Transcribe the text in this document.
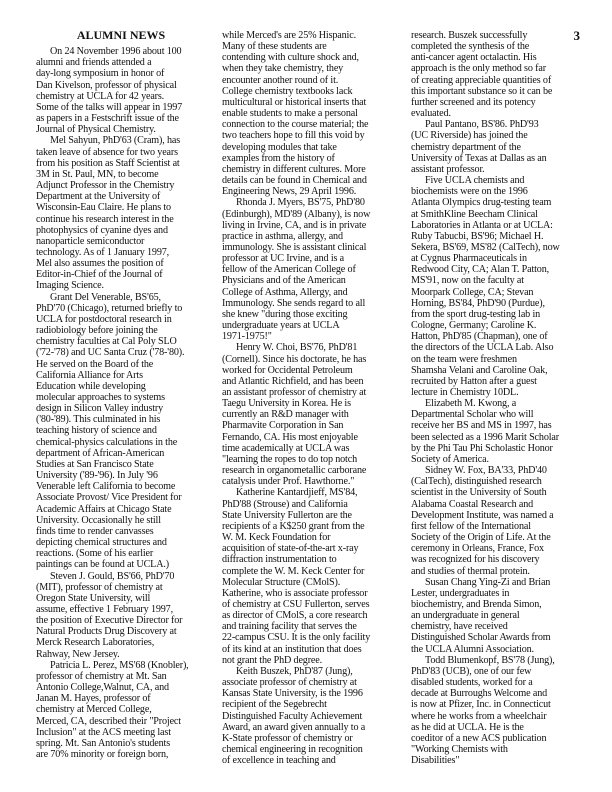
3
ALUMNI NEWS

On 24 November 1996 about 100
alumni and friends attended a
day-long symposium in honor of
Dan Kivelson, professor of physical
chemistry at UCLA for 42 years.
Some of the talks will appear in 1997
as papers in a Festschrift issue of the
Journal of Physical Chemistry.

Mel Sahyun, PhD'63 (Cram), has
taken leave of absence for two years
from his position as Staff Scientist at
3M in St. Paul, MN, to become
Adjunct Professor in the Chemistry
Department at the University of
Wisconsin-Eau Claire. He plans to
continue his research interest in the
photophysics of cyanine dyes and
nanoparticle semiconductor
technology. As of 1 January 1997,
Mel also assumes the position of
Editor-in-Chief of the Journal of
Imaging Science.

Grant Del Venerable, BS'65,
PhD'70 (Chicago), returned briefly to
UCLA for postdoctoral research in
radiobiology before joining the
chemistry faculties at Cal Poly SLO
('72-'78) and UC Santa Cruz ('78-'80).
He served on the Board of the
California Alliance for Arts
Education while developing
molecular approaches to systems
design in Silicon Valley industry
('80-'89). This culminated in his
teaching history of science and
chemical-physics calculations in the
department of African-American
Studies at San Francisco State
University ('89-'96). In July '96
Venerable left California to become
Associate Provost/ Vice President for
Academic Affairs at Chicago State
University. Occasionally he still
finds time to render canvasses
depicting chemical structures and
reactions. (Some of his earlier
paintings can be found at UCLA.)

Steven J. Gould, BS'66, PhD'70
(MIT), professor of chemistry at
Oregon State University, will
assume, effective 1 February 1997,
the position of Executive Director for
Natural Products Drug Discovery at
Merck Research Laboratories,
Rahway, New Jersey.

Patricia L. Perez, MS'68 (Knobler),
professor of chemistry at Mt. San
Antonio College,Walnut, CA, and
Janan M. Hayes, professor of
chemistry at Merced College,
Merced, CA, described their "Project
Inclusion" at the ACS meeting last
spring. Mt. San Antonio's students
are 70% minority or foreign born,

while Merced's are 25% Hispanic.
Many of these students are
contending with culture shock and,
when they take chemistry, they
encounter another round of it.
College chemistry textbooks lack
multicultural or historical inserts that
enable students to make a personal
connection to the course material; the
two teachers hope to fill this void by
developing modules that take
examples from the history of
chemistry in different cultures. More
details can be found in Chemical and
Engineering News, 29 April 1996.

Rhonda J. Myers, BS'75, PhD'80
(Edinburgh), MD'89 (Albany), is now
living in Irvine, CA, and is in private
practice in asthma, allergy, and
immunology. She is assistant clinical
professor at UC Irvine, and is a
fellow of the American College of
Physicians and of the American
College of Asthma, Allergy, and
Immunology. She sends regard to all
she knew "during those exciting
undergraduate years at UCLA
1971-1975!"

Henry W. Choi, BS'76, PhD'81
(Cornell). Since his doctorate, he has
worked for Occidental Petroleum
and Atlantic Richfield, and has been
an assistant professor of chemistry at
Taegu University in Korea. He is
currently an R&D manager with
Pharmavite Corporation in San
Fernando, CA. His most enjoyable
time academically at UCLA was
"learning the ropes to do top notch
research in organometallic carborane
catalysis under Prof. Hawthorne."

Katherine Kantardjieff, MS'84,
PhD'88 (Strouse) and California
State University Fullerton are the
recipients of a K$250 grant from the
W. M. Keck Foundation for
acquisition of state-of-the-art x-ray
diffraction instrumentation to
complete the W. M. Keck Center for
Molecular Structure (CMolS).
Katherine, who is associate professor
of chemistry at CSU Fullerton, serves
as director of CMolS, a core research
and training facility that serves the
22-campus CSU. It is the only facility
of its kind at an institution that does
not grant the PhD degree.

Keith Buszek, PhD'87 (Jung),
associate professor of chemistry at
Kansas State University, is the 1996
recipient of the Segebrecht
Distinguished Faculty Achievement
Award, an award given annually to a
K-State professor of chemistry or
chemical engineering in recognition
of excellence in teaching and

research. Buszek successfully
completed the synthesis of the
anti-cancer agent octalactin. His
approach is the only method so far
of creating appreciable quantities of
this important substance so it can be
further screened and its potency
evaluated.

Paul Pantano, BS'86. PhD'93
(UC Riverside) has joined the
chemistry department of the
University of Texas at Dallas as an
assistant professor.

Five UCLA chemists and
biochemists were on the 1996
Atlanta Olympics drug-testing team
at SmithKline Beecham Clinical
Laboratories in Atlanta or at UCLA:
Ruby Tabucbi, BS'96; Michael H.
Sekera, BS'69, MS'82 (CalTech), now
at Cygnus Pharmaceuticals in
Redwood City, CA; Alan T. Patton,
MS'91, now on the faculty at
Moorpark College, CA; Stevan
Horning, BS'84, PhD'90 (Purdue),
from the sport drug-testing lab in
Cologne, Germany; Caroline K.
Hatton, PhD'85 (Chapman), one of
the directors of the UCLA Lab. Also
on the team were freshmen
Shamsha Velani and Caroline Oak,
recruited by Hatton after a guest
lecture in Chemistry 10DL.

Elizabeth M. Kwong, a
Departmental Scholar who will
receive her BS and MS in 1997, has
been selected as a 1996 Marit Scholar
by the Phi Tau Phi Scholastic Honor
Society of America.

Sidney W. Fox, BA'33, PhD'40
(CalTech), distinguished research
scientist in the University of South
Alabama Coastal Research and
Development Institute, was named a
first fellow of the International
Society of the Origin of Life. At the
ceremony in Orleans, France, Fox
was recognized for his discovery
and studies of thermal protein.

Susan Chang Ying-Zi and Brian
Lester, undergraduates in
biochemistry, and Brenda Simon,
an undergraduate in general
chemistry, have received
Distinguished Scholar Awards from
the UCLA Alumni Association.

Todd Blumenkopf, BS'78 (Jung),
PhD'83 (UCB), one of our few
disabled students, worked for a
decade at Burroughs Welcome and
is now at Pfizer, Inc. in Connecticut
where he works from a wheelchair
as he did at UCLA. He is the
coeditor of a new ACS publication
"Working Chemists with
Disabilities"
